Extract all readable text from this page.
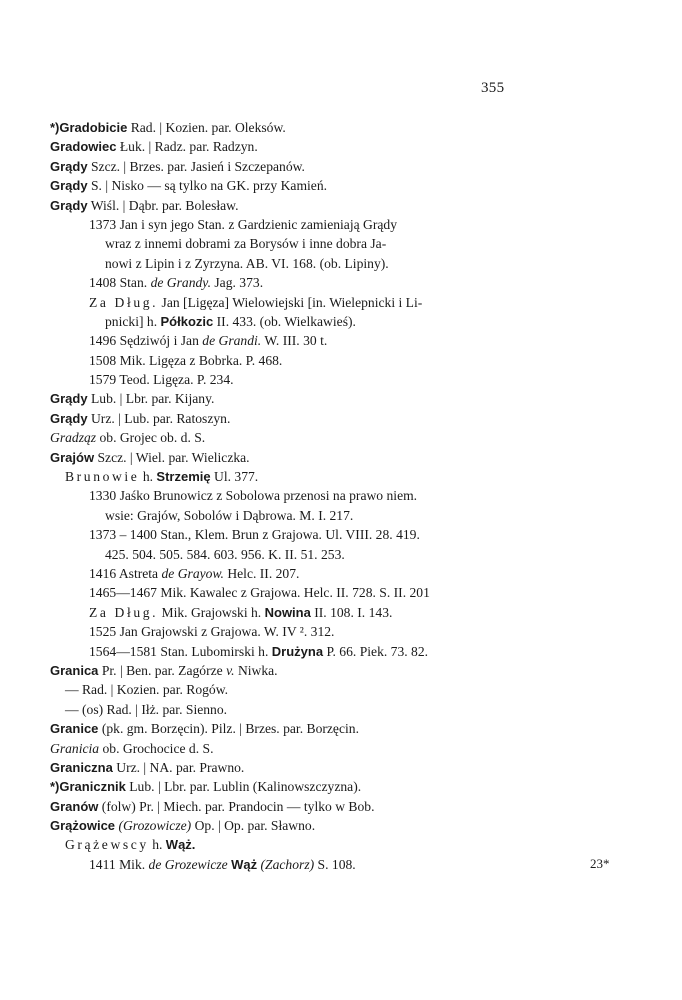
355
*)Gradobicie Rad. | Kozien. par. Oleksów.
Gradowiec Łuk. | Radz. par. Radzyn.
Grądy Szcz. | Brzes. par. Jasień i Szczepanów.
Grądy S. | Nisko — są tylko na GK. przy Kamień.
Grądy Wiśl. | Dąbr. par. Bolesław.
1373 Jan i syn jego Stan. z Gardzienic zamieniają Grądy
wraz z innemi dobrami za Borysów i inne dobra Ja-
nowi z Lipin i z Zyrzyna. AB. VI. 168. (ob. Lipiny).
1408 Stan. de Grandy. Jag. 373.
Za Dług. Jan [Ligęza] Wielowiejski [in. Wielepnicki i Li-
pnicki] h. Półkozic II. 433. (ob. Wielkawieś).
1496 Sędziwój i Jan de Grandi. W. III. 30 t.
1508 Mik. Ligęza z Bobrka. P. 468.
1579 Teod. Ligęza. P. 234.
Grądy Lub. | Lbr. par. Kijany.
Grądy Urz. | Lub. par. Ratoszyn.
Gradząz ob. Grojec ob. d. S.
Grajów Szcz. | Wiel. par. Wieliczka.
Brunowie h. Strzemię Ul. 377.
1330 Jaśko Brunowicz z Sobolowa przenosi na prawo niem.
wsie: Grajów, Sobolów i Dąbrowa. M. I. 217.
1373 – 1400 Stan., Klem. Brun z Grajowa. Ul. VIII. 28. 419.
425. 504. 505. 584. 603. 956. K. II. 51. 253.
1416 Astreta de Grayow. Helc. II. 207.
1465—1467 Mik. Kawalec z Grajowa. Helc. II. 728. S. II. 201
Za Dług. Mik. Grajowski h. Nowina II. 108. I. 143.
1525 Jan Grajowski z Grajowa. W. IV ². 312.
1564—1581 Stan. Lubomirski h. Drużyna P. 66. Piek. 73. 82.
Granica Pr. | Ben. par. Zagórze v. Niwka.
— Rad. | Kozien. par. Rogów.
— (os) Rad. | Iłż. par. Sienno.
Granice (pk. gm. Borzęcin). Pilz. | Brzes. par. Borzęcin.
Granicia ob. Grochocice d. S.
Graniczna Urz. | NA. par. Prawno.
*)Granicznik Lub. | Lbr. par. Lublin (Kalinowszczyzna).
Granów (folw) Pr. | Miech. par. Prandocin — tylko w Bob.
Grążowice (Grozowicze) Op. | Op. par. Sławno.
Grążewscy h. Wąż.
1411 Mik. de Grozewicze Wąż (Zachorz) S. 108.	23*
